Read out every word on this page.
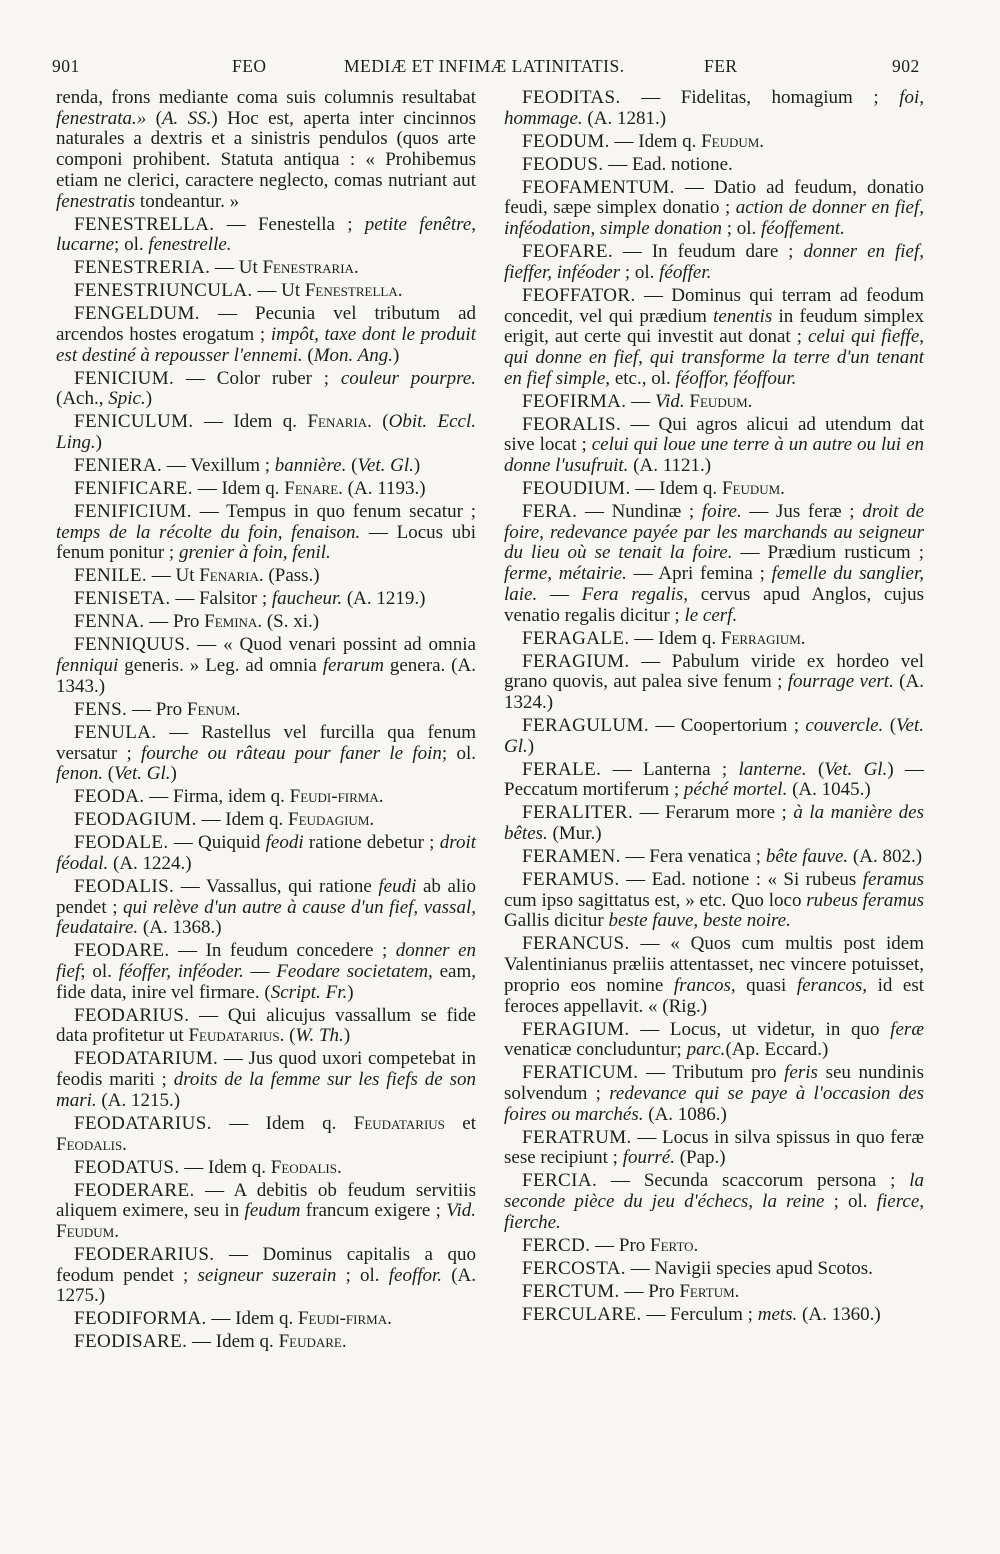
901	FEO	MEDIÆ ET INFIMÆ LATINITATIS.	FER	902

renda, frons mediante coma suis columnis resultabat fenestrata.» (A. SS.) Hoc est, aperta inter cincinnos naturales a dextris et a sinistris pendulos (quos arte componi prohibent. Statuta antiqua : « Prohibemus etiam ne clerici, caractere neglecto, comas nutriant aut fenestratis tondeantur. »

FENESTRELLA. — Fenestella ; petite fenêtre, lucarne; ol. fenestrelle.

FENESTRERIA. — Ut Fenestraria.

FENESTRIUNCULA. — Ut Fenestrella.

FENGELDUM. — Pecunia vel tributum ad arcendos hostes erogatum ; impôt, taxe dont le produit est destiné à repousser l'ennemi. (Mon. Ang.)

FENICIUM. — Color ruber ; couleur pourpre. (Ach., Spic.)

FENICULUM. — Idem q. Fenaria. (Obit. Eccl. Ling.)

FENIERA. — Vexillum ; bannière. (Vet. Gl.)

FENIFICARE. — Idem q. Fenare. (A. 1193.)

FENIFICIUM. — Tempus in quo fenum secatur ; temps de la récolte du foin, fenaison. — Locus ubi fenum ponitur ; grenier à foin, fenil.

FENILE. — Ut Fenaria. (Pass.)

FENISETA. — Falsitor ; faucheur. (A. 1219.)

FENNA. — Pro Femina. (S. xi.)

FENNIQUUS. — « Quod venari possint ad omnia fenniqui generis. » Leg. ad omnia ferarum genera. (A. 1343.)

FENS. — Pro Fenum.

FENULA. — Rastellus vel furcilla qua fenum versatur ; fourche ou râteau pour faner le foin; ol. fenon. (Vet. Gl.)

FEODA. — Firma, idem q. Feudi-firma.

FEODAGIUM. — Idem q. Feudagium.

FEODALE. — Quiquid feodi ratione debetur ; droit féodal. (A. 1224.)

FEODALIS. — Vassallus, qui ratione feudi ab alio pendet ; qui relève d'un autre à cause d'un fief, vassal, feudataire. (A. 1368.)

FEODARE. — In feudum concedere ; donner en fief; ol. féoffer, inféoder. — Feodare societatem, eam, fide data, inire vel firmare. (Script. Fr.)

FEODARIUS. — Qui alicujus vassallum se fide data profitetur ut Feudatarius. (W. Th.)

FEODATARIUM. — Jus quod uxori competebat in feodis mariti ; droits de la femme sur les fiefs de son mari. (A. 1215.)

FEODATARIUS. — Idem q. Feudatarius et Feodalis.

FEODATUS. — Idem q. Feodalis.

FEODERARE. — A debitis ob feudum servitiis aliquem eximere, seu in feudum francum exigere ; Vid. Feudum.

FEODERARIUS. — Dominus capitalis a quo feodum pendet ; seigneur suzerain ; ol. feoffor. (A. 1275.)

FEODIFORMA. — Idem q. Feudi-firma.

FEODISARE. — Idem q. Feudare.

FEODITAS. — Fidelitas, homagium ; foi, hommage. (A. 1281.)

FEODUM. — Idem q. Feudum.

FEODUS. — Ead. notione.

FEOFAMENTUM. — Datio ad feudum, donatio feudi, sæpe simplex donatio ; action de donner en fief, inféodation, simple donation ; ol. féoffement.

FEOFARE. — In feudum dare ; donner en fief, fieffer, inféoder ; ol. féoffer.

FEOFFATOR. — Dominus qui terram ad feodum concedit, vel qui prædium tenentis in feudum simplex erigit, aut certe qui investit aut donat ; celui qui fieffe, qui donne en fief, qui transforme la terre d'un tenant en fief simple, etc., ol. féoffor, féoffour.

FEOFIRMA. — Vid. Feudum.

FEORALIS. — Qui agros alicui ad utendum dat sive locat ; celui qui loue une terre à un autre ou lui en donne l'usufruit. (A. 1121.)

FEOUDIUM. — Idem q. Feudum.

FERA. — Nundinæ ; foire. — Jus feræ ; droit de foire, redevance payée par les marchands au seigneur du lieu où se tenait la foire. — Prædium rusticum ; ferme, métairie. — Apri femina ; femelle du sanglier, laie. — Fera regalis, cervus apud Anglos, cujus venatio regalis dicitur ; le cerf.

FERAGALE. — Idem q. Ferragium.

FERAGIUM. — Pabulum viride ex hordeo vel grano quovis, aut palea sive fenum ; fourrage vert. (A. 1324.)

FERAGULUM. — Coopertorium ; couvercle. (Vet. Gl.)

FERALE. — Lanterna ; lanterne. (Vet. Gl.) — Peccatum mortiferum ; péché mortel. (A. 1045.)

FERALITER. — Ferarum more ; à la manière des bêtes. (Mur.)

FERAMEN. — Fera venatica ; bête fauve. (A. 802.)

FERAMUS. — Ead. notione : « Si rubeus feramus cum ipso sagittatus est, » etc. Quo loco rubeus feramus Gallis dicitur beste fauve, beste noire.

FERANCUS. — « Quos cum multis post idem Valentinianus præliis attentasset, nec vincere potuisset, proprio eos nomine francos, quasi ferancos, id est feroces appellavit. « (Rig.)

FERAGIUM. — Locus, ut videtur, in quo feræ venaticæ concluduntur; parc.(Ap. Eccard.)

FERATICUM. — Tributum pro feris seu nundinis solvendum ; redevance qui se paye à l'occasion des foires ou marchés. (A. 1086.)

FERATRUM. — Locus in silva spissus in quo feræ sese recipiunt ; fourré. (Pap.)

FERCIA. — Secunda scaccorum persona ; la seconde pièce du jeu d'échecs, la reine ; ol. fierce, fierche.

FERCD. — Pro Ferto.

FERCOSTA. — Navigii species apud Scotos.

FERCTUM. — Pro Fertum.

FERCULARE. — Ferculum ; mets. (A. 1360.)
